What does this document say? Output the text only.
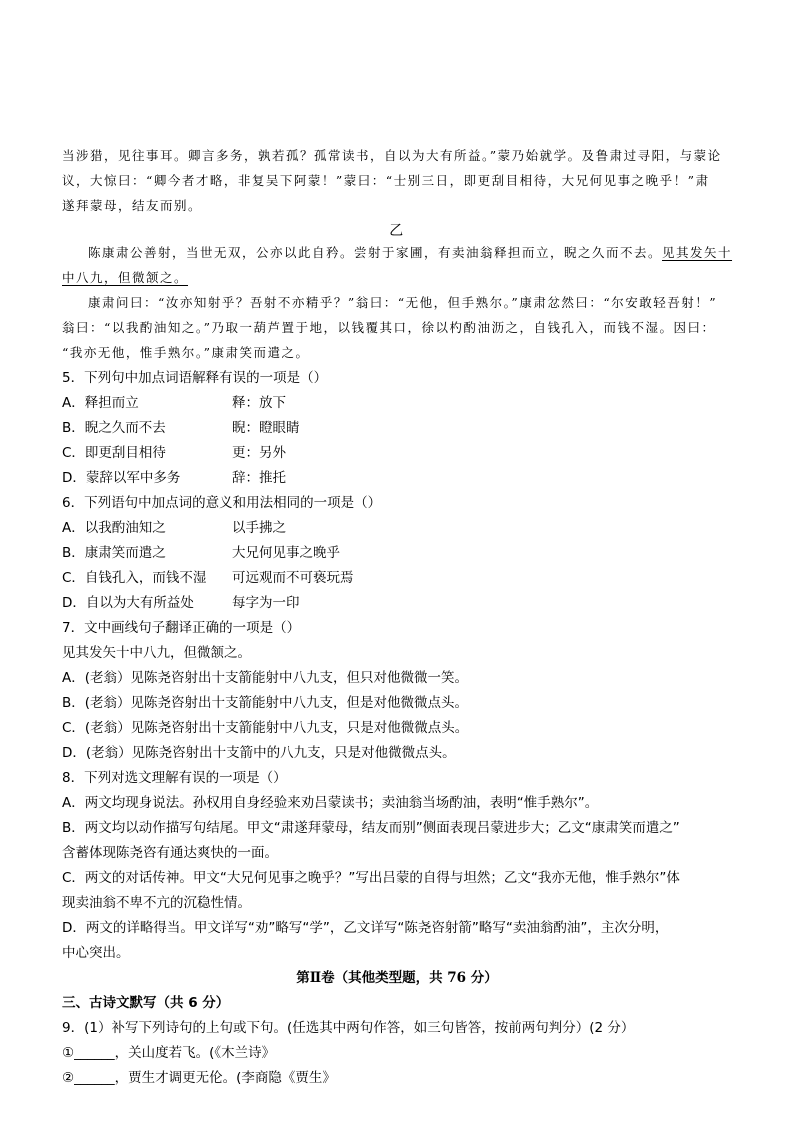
当涉猎，见往事耳。卿言多务，孰若孤？孤常读书，自以为大有所益。”蒙乃始就学。及鲁肃过寻阳，与蒙论
议，大惊曰：“卿今者才略，非复吴下阿蒙！”蒙曰：“士别三日，即更刮目相待，大兄何见事之晚乎！”肃
遂拜蒙母，结友而别。
乙
陈康肃公善射，当世无双，公亦以此自矜。尝射于家圃，有卖油翁释担而立，睨之久而不去。见其发矢十
中八九，但微颔之。
康肃问曰：“汝亦知射乎？吾射不亦精乎？”翁曰：“无他，但手熟尔。”康肃忿然曰：“尔安敢轻吾射！”
翁曰：“以我酌油知之。”乃取一葫芦置于地，以钱覆其口，徐以杓酌油沥之，自钱孔入，而钱不湿。因曰：
“我亦无他，惟手熟尔。”康肃笑而遣之。
5．下列句中加点词语解释有误的一项是（）
A．释担而立	释：放下
B．睨之久而不去	睨：瞪眼睛
C．即更刮目相待	更：另外
D．蒙辞以军中多务	辞：推托
6．下列语句中加点词的意义和用法相同的一项是（）
A．以我酌油知之	以手拂之
B．康肃笑而遣之	大兄何见事之晚乎
C．自钱孔入，而钱不湿 可远观而不可亵玩焉
D．自以为大有所益处	每字为一印
7．文中画线句子翻译正确的一项是（）
见其发矢十中八九，但微颔之。
A．(老翁）见陈尧咨射出十支箭能射中八九支，但只对他微微一笑。
B．(老翁）见陈尧咨射出十支箭能射中八九支，但是对他微微点头。
C．(老翁）见陈尧咨射出十支箭能射中八九支，只是对他微微点头。
D．(老翁）见陈尧咨射出十支箭中的八九支，只是对他微微点头。
8．下列对选文理解有误的一项是（）
A．两文均现身说法。孙权用自身经验来劝吕蒙读书；卖油翁当场酌油，表明“惟手熟尔”。
B．两文均以动作描写句结尾。甲文“肃遂拜蒙母，结友而别”侧面表现吕蒙进步大；乙文“康肃笑而遣之”
含蓄体现陈尧咨有通达爽快的一面。
C．两文的对话传神。甲文“大兄何见事之晚乎？”写出吕蒙的自得与坦然；乙文“我亦无他，惟手熟尔”体
现卖油翁不卑不亢的沉稳性情。
D．两文的详略得当。甲文详写“劝”略写“学”，乙文详写“陈尧咨射箭”略写“卖油翁酌油”，主次分明，
中心突出。
第Ⅱ卷（其他类型题，共 76 分）
三、古诗文默写（共 6 分）
9．(1）补写下列诗句的上句或下句。(任选其中两句作答，如三句皆答，按前两句判分）(2 分）
①______，关山度若飞。(《木兰诗》
②______，贾生才调更无伦。(李商隐《贾生》
